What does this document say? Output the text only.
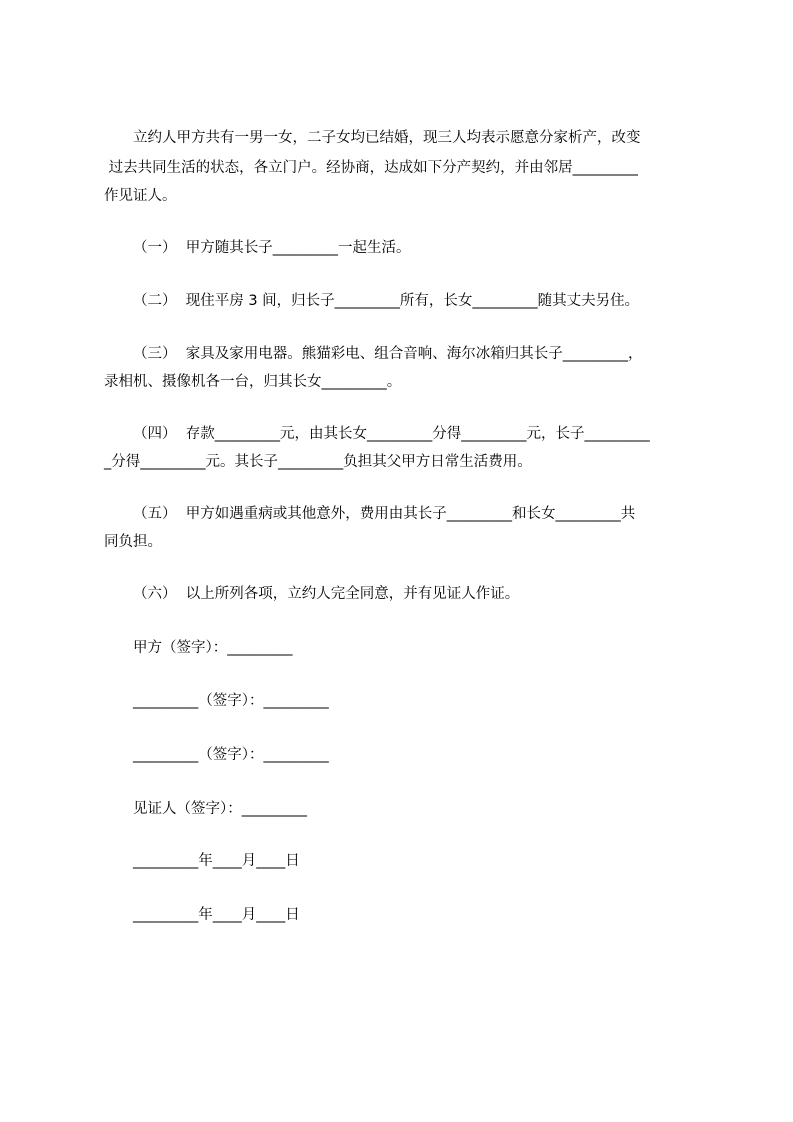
立约人甲方共有一男一女，二子女均已结婚，现三人均表示愿意分家析产，改变
过去共同生活的状态，各立门户。经协商，达成如下分产契约，并由邻居_________
作见证人。
（一）  甲方随其长子_________一起生活。
（二）  现住平房 3 间，归长子_________所有，长女_________随其丈夫另住。
（三）  家具及家用电器。熊猫彩电、组合音响、海尔冰箱归其长子_________，
录相机、摄像机各一台，归其长女_________。
（四）  存款_________元，由其长女_________分得_________元，长子_________
_分得_________元。其长子_________负担其父甲方日常生活费用。
（五）  甲方如遇重病或其他意外，费用由其长子_________和长女_________共
同负担。
（六）  以上所列各项，立约人完全同意，并有见证人作证。
甲方（签字）：_________
_________（签字）：_________
_________（签字）：_________
见证人（签字）：_________
_________年____月____日
_________年____月____日
